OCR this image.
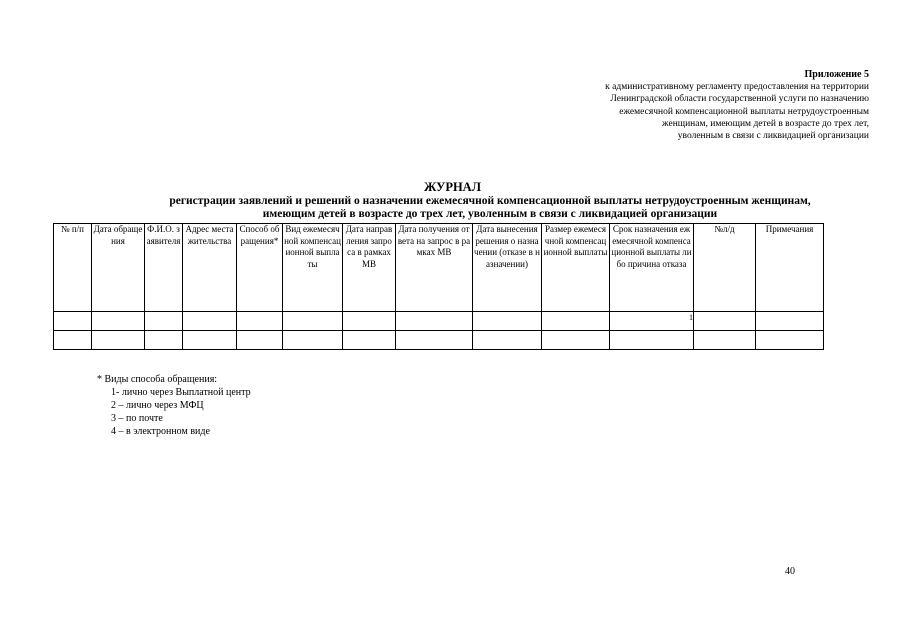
Приложение 5
к административному регламенту предоставления на территории
Ленинградской области государственной услуги по назначению
ежемесячной компенсационной выплаты нетрудоустроенным
женщинам, имеющим детей в возрасте до трех лет,
уволенным в связи с ликвидацией организации
ЖУРНАЛ
регистрации заявлений и решений о назначении ежемесячной компенсационной выплаты нетрудоустроенным женщинам,
имеющим детей в возрасте до трех лет, уволенным в связи с ликвидацией организации
№ п/п	Дата обращения	Ф.И.О. заявителя	Адрес места жительства	Способ обращения*	Вид ежемесячной компенсационной выплаты	Дата направления запроса в рамках МВ	Дата получения ответа на запрос в рамках МВ	Дата вынесения решения о назначении (отказе в назначении)	Размер ежемесячной компенсационной выплаты	Срок назначения ежемесячной компенсационной выплаты либо причина отказа	№л/д	Примечания

1
* Виды способа обращения:
1- лично через Выплатной центр
2 – лично через МФЦ
3 – по почте
4 – в электронном виде
40
